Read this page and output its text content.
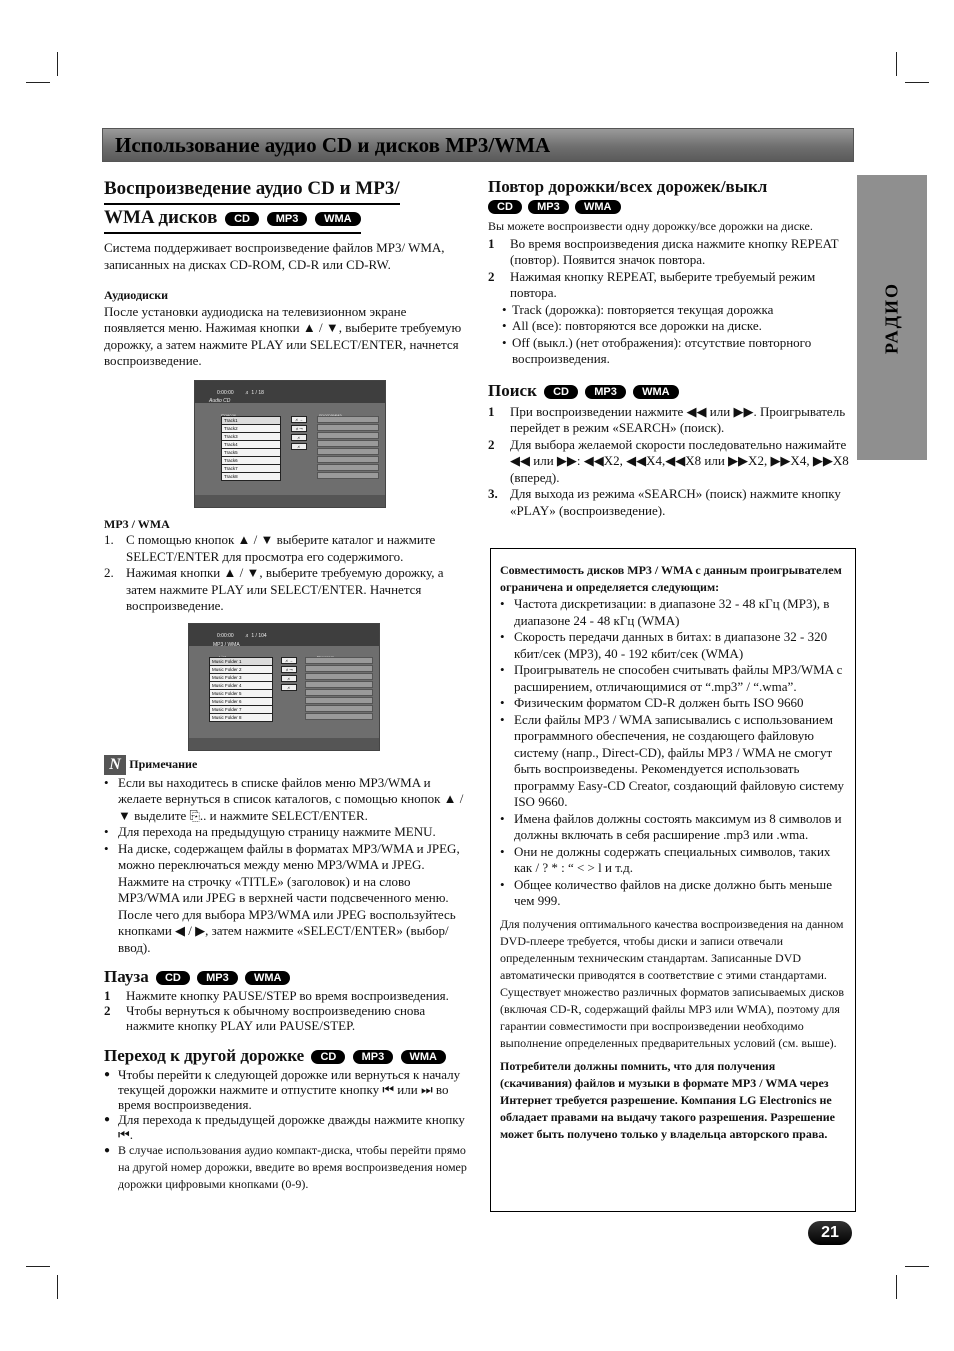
Использование аудио CD и дисков MP3/WMA
РАДИО
Воспроизведение аудио CD и MP3/
WMA дисков CD MP3 WMA

Система поддерживает воспроизведение файлов MP3/ WMA, записанных на дисках CD-ROM, CD-R или CD-RW.

Аудиодиски

После установки аудиодиска на телевизионном экране появляется меню. Нажимая кнопки ▲ / ▼, выберите требуемую дорожку, а затем нажмите PLAY или SELECT/ENTER, начнется воспроизведение.

0:00:00 ♬ 1 / 18
Audio CD
Track1
Track2
Track3
Track4
Track5
Track6
Track7
Track8
♬→
♬⇥
♬
♬

MP3 / WMA

1. С помощью кнопок ▲ / ▼ выберите каталог и нажмите SELECT/ENTER для просмотра его содержимого.
2. Нажимая кнопки ▲ / ▼, выберите требуемую дорожку, а затем нажмите PLAY или SELECT/ENTER. Начнется воспроизведение.
0:00:00 ♬ 1 / 104
MP3 / WMA
Music Folder 1
Music Folder 2
Music Folder 3
Music Folder 4
Music Folder 5
Music Folder 6
Music Folder 7
Music Folder 8
♬→
♬⇥
♬
♬

N Примечание

• Если вы находитесь в списке файлов меню MP3/WMA и желаете вернуться в список каталогов, с помощью кнопок ▲ / ▼ выделите ⎘.. и нажмите SELECT/ENTER.
• Для перехода на предыдущую страницу нажмите MENU.
• На диске, содержащем файлы в форматах MP3/WMA и JPEG, можно переключаться между меню MP3/WMA и JPEG. Нажмите на строчку «TITLE» (заголовок) и на слово MP3/WMA или JPEG в верхней части подсвеченного меню. После чего для выбора MP3/WMA или JPEG воспользуйтесь кнопками ◀ / ▶, затем нажмите «SELECT/ENTER» (выбор/ввод).
Пауза CD MP3 WMA
1 Нажмите кнопку PAUSE/STEP во время воспроизведения.
2 Чтобы вернуться к обычному воспроизведению снова нажмите кнопку PLAY или PAUSE/STEP.
Переход к другой дорожке CD MP3 WMA
● Чтобы перейти к следующей дорожке или вернуться к началу текущей дорожки нажмите и отпустите кнопку ⏮ или ⏭ во время воспроизведения.
● Для перехода к предыдущей дорожке дважды нажмите кнопку ⏮.
● В случае использования аудио компакт-диска, чтобы перейти прямо на другой номер дорожки, введите во время воспроизведения номер дорожки цифровыми кнопками (0-9).
Повтор дорожки/всех дорожек/выкл
CD MP3 WMA

Вы можете воспроизвести одну дорожку/все дорожки на диске.

1 Во время воспроизведения диска нажмите кнопку REPEAT (повтор). Появится значок повтора.
2 Нажимая кнопку REPEAT, выберите требуемый режим повтора.
• Track (дорожка): повторяется текущая дорожка
• All (все): повторяются все дорожки на диске.
• Off (выкл.) (нет отображения): отсутствие повторного воспроизведения.
Поиск CD MP3 WMA
1 При воспроизведении нажмите ◀◀ или ▶▶. Проигрыватель перейдет в режим «SEARCH» (поиск).
2 Для выбора желаемой скорости последовательно нажимайте ◀◀ или ▶▶: ◀◀X2, ◀◀X4,◀◀X8 или ▶▶X2, ▶▶X4, ▶▶X8 (вперед).
3. Для выхода из режима «SEARCH» (поиск) нажмите кнопку «PLAY» (воспроизведение).

Совместимость дисков MP3 / WMA с данным проигрывателем ограничена и определяется следующим:

• Частота дискретизации: в диапазоне 32 - 48 кГц (MP3), в диапазоне 24 - 48 кГц (WMA)
• Скорость передачи данных в битах: в диапазоне 32 - 320 кбит/сек (MP3), 40 - 192 кбит/сек (WMA)
• Проигрыватель не способен считывать файлы MP3/WMA с расширением, отличающимися от “.mp3” / “.wma”.
• Физическим форматом CD-R должен быть ISO 9660
• Если файлы MP3 / WMA записывались с использованием программного обеспечения, не создающего файловую систему (напр., Direct-CD), файлы MP3 / WMA не смогут быть воспроизведены. Рекомендуется использовать программу Easy-CD Creator, создающий файловую систему ISO 9660.
• Имена файлов должны состоять максимум из 8 символов и должны включать в себя расширение .mp3 или .wma.
• Они не должны содержать специальных символов, таких как / ? * : “ < > l и т.д.
• Общее количество файлов на диске должно быть меньше чем 999.

Для получения оптимального качества воспроизведения на данном DVD-плеере требуется, чтобы диски и записи отвечали определенным техническим стандартам. Записанные DVD автоматически приводятся в соответствие с этими стандартами. Существует множество различных форматов записываемых дисков (включая CD-R, содержащий файлы MP3 или WMA), поэтому для гарантии совместимости при воспроизведении необходимо выполнение определенных предварительных условий (см. выше).

Потребители должны помнить, что для получения (скачивания) файлов и музыки в формате MP3 / WMA через Интернет требуется разрешение. Компания LG Electronics не обладает правами на выдачу такого разрешения. Разрешение может быть получено только у владельца авторского права.

21
